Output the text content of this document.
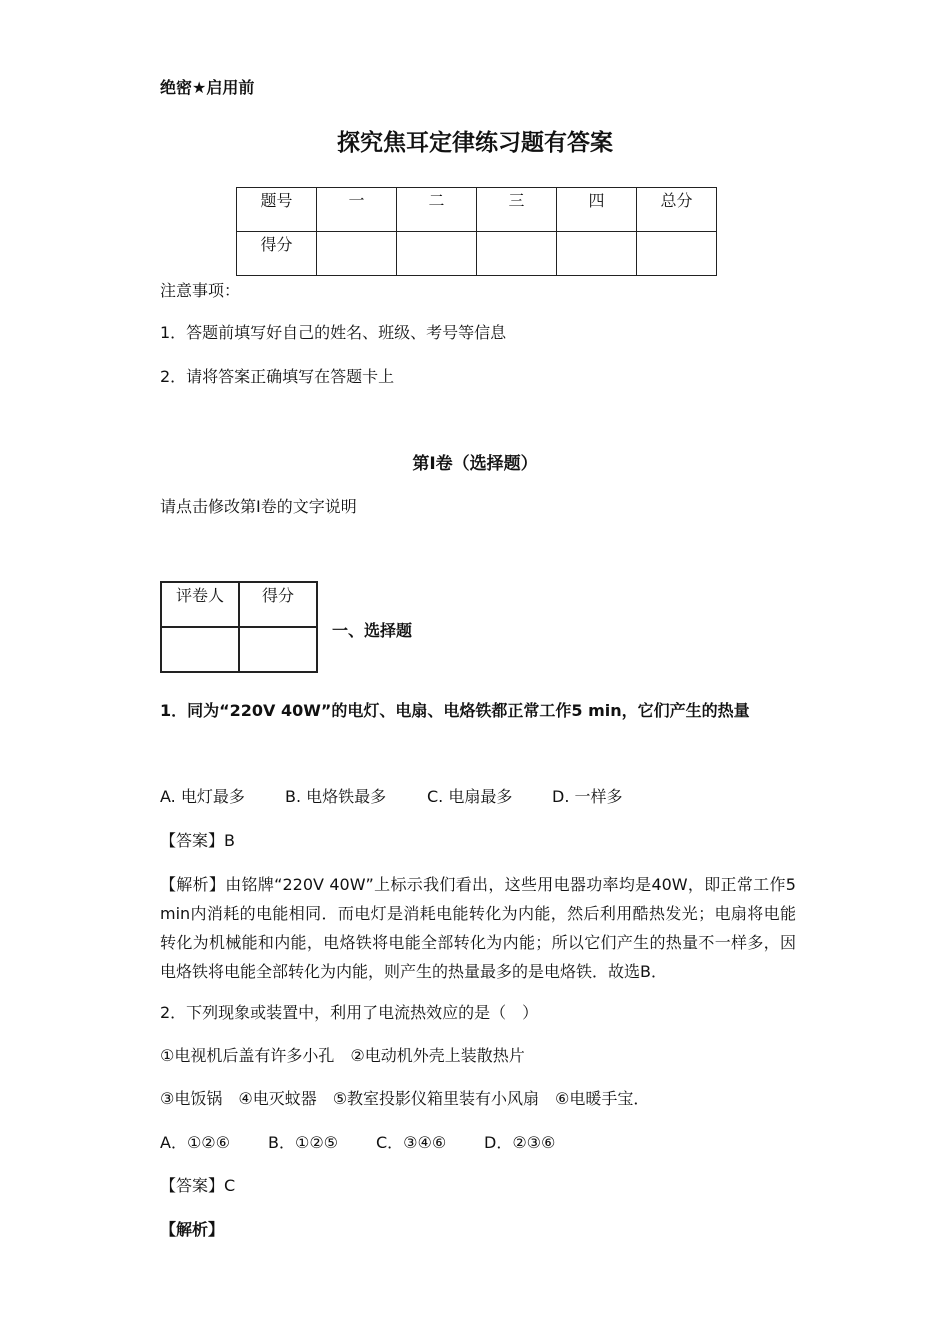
绝密★启用前
探究焦耳定律练习题有答案
题号	一	二	三	四	总分
得分					
注意事项：
1．答题前填写好自己的姓名、班级、考号等信息
2．请将答案正确填写在答题卡上
第Ⅰ卷（选择题）
请点击修改第Ⅰ卷的文字说明
评卷人	得分

一、选择题
1．同为“220V 40W”的电灯、电扇、电烙铁都正常工作5 min，它们产生的热量
A. 电灯最多	B. 电烙铁最多	C. 电扇最多 D. 一样多
【答案】B
【解析】由铭牌“220V 40W”上标示我们看出，这些用电器功率均是40W，即正常工作5min内消耗的电能相同．而电灯是消耗电能转化为内能，然后利用酷热发光；电扇将电能转化为机械能和内能，电烙铁将电能全部转化为内能；所以它们产生的热量不一样多，因电烙铁将电能全部转化为内能，则产生的热量最多的是电烙铁．故选B．
2．下列现象或装置中，利用了电流热效应的是（　）
①电视机后盖有许多小孔　②电动机外壳上装散热片
③电饭锅　④电灭蚊器　⑤教室投影仪箱里装有小风扇　⑥电暖手宝．
A．①②⑥ B．①②⑤ C．③④⑥ D．②③⑥
【答案】C
【解析】
